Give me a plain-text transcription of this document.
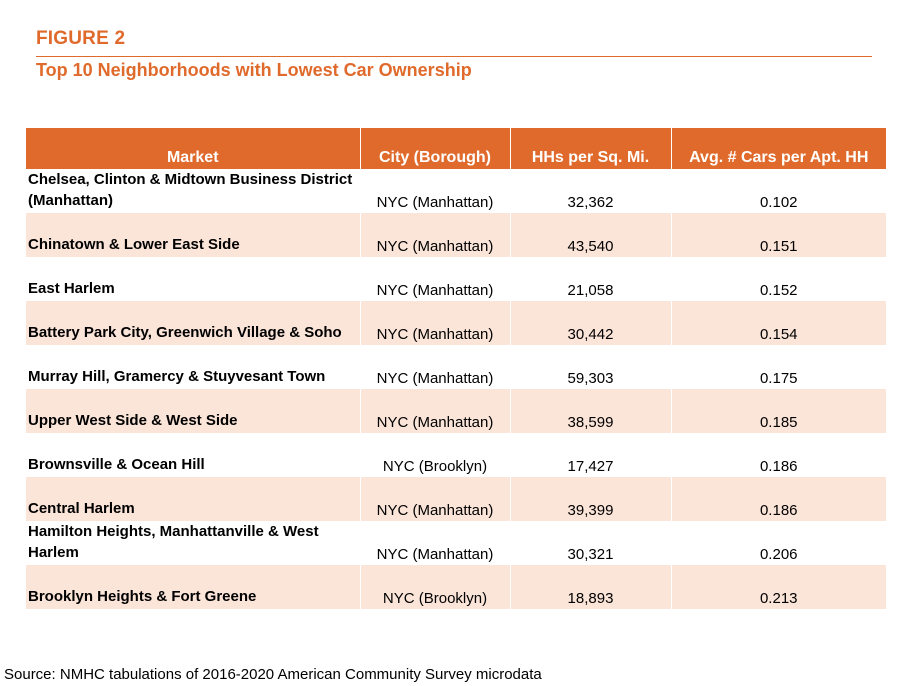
FIGURE 2
Top 10 Neighborhoods with Lowest Car Ownership
Market	City (Borough)	HHs per Sq. Mi.	Avg. # Cars per Apt. HH
Chelsea, Clinton & Midtown Business District (Manhattan)	NYC (Manhattan)	32,362	0.102
Chinatown & Lower East Side	NYC (Manhattan)	43,540	0.151
East Harlem	NYC (Manhattan)	21,058	0.152
Battery Park City, Greenwich Village & Soho	NYC (Manhattan)	30,442	0.154
Murray Hill, Gramercy & Stuyvesant Town	NYC (Manhattan)	59,303	0.175
Upper West Side & West Side	NYC (Manhattan)	38,599	0.185
Brownsville & Ocean Hill	NYC (Brooklyn)	17,427	0.186
Central Harlem	NYC (Manhattan)	39,399	0.186
Hamilton Heights, Manhattanville & West Harlem	NYC (Manhattan)	30,321	0.206
Brooklyn Heights & Fort Greene	NYC (Brooklyn)	18,893	0.213
Source: NMHC tabulations of 2016-2020 American Community Survey microdata
